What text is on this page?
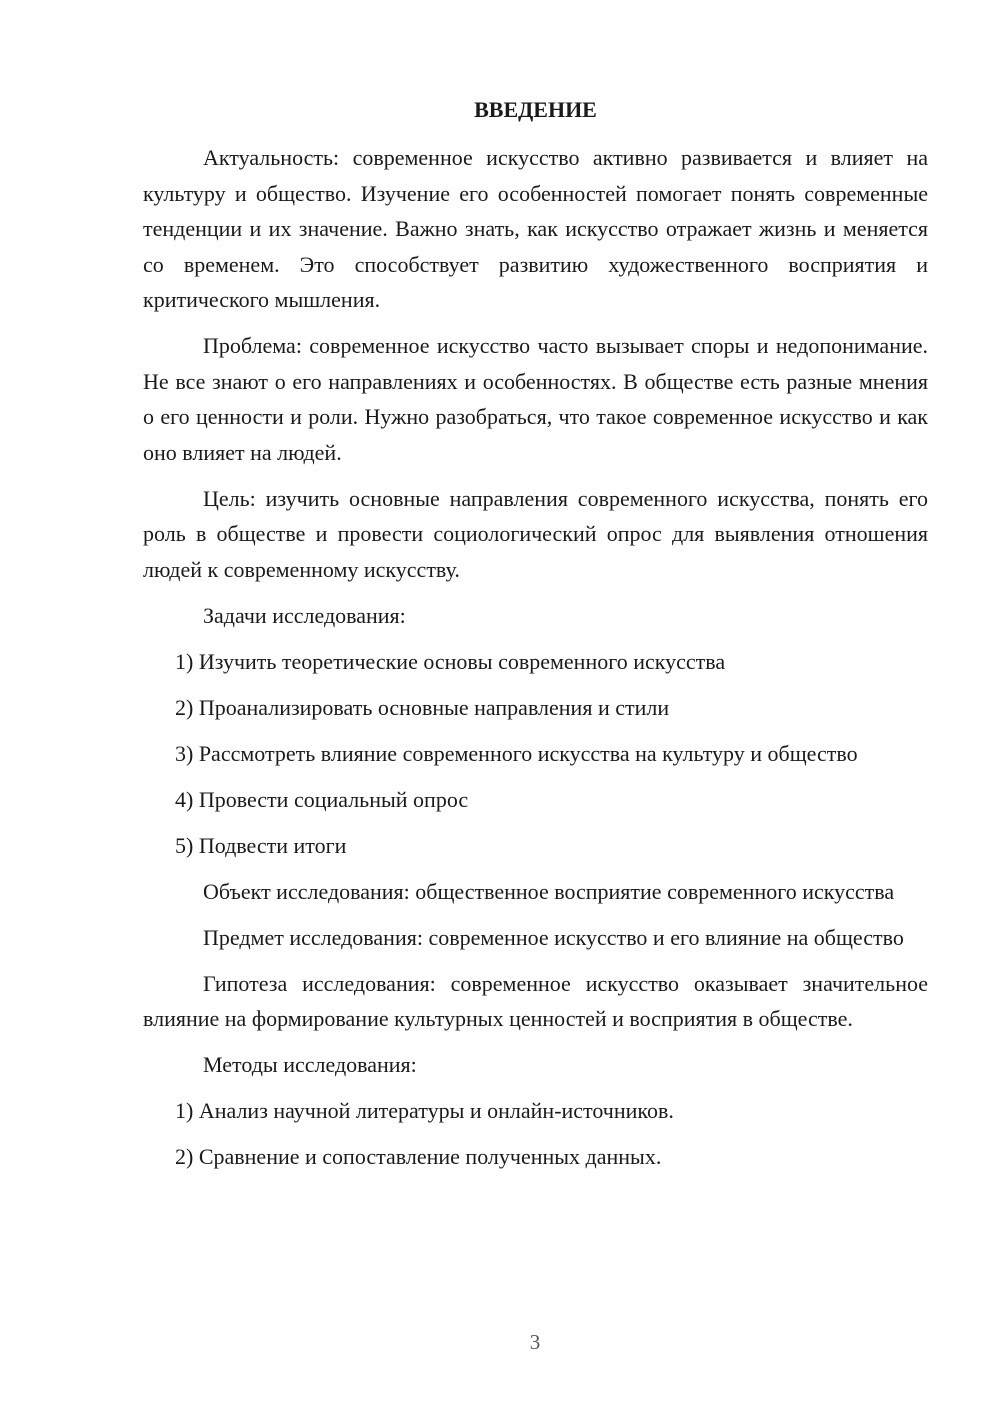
ВВЕДЕНИЕ

Актуальность: современное искусство активно развивается и влияет на культуру и общество. Изучение его особенностей помогает понять современные тенденции и их значение. Важно знать, как искусство отражает жизнь и меняется со временем. Это способствует развитию художественного восприятия и критического мышления.

Проблема: современное искусство часто вызывает споры и недопонимание. Не все знают о его направлениях и особенностях. В обществе есть разные мнения о его ценности и роли. Нужно разобраться, что такое современное искусство и как оно влияет на людей.

Цель: изучить основные направления современного искусства, понять его роль в обществе и провести социологический опрос для выявления отношения людей к современному искусству.

Задачи исследования:

1) Изучить теоретические основы современного искусства

2) Проанализировать основные направления и стили

3) Рассмотреть влияние современного искусства на культуру и общество

4) Провести социальный опрос

5) Подвести итоги

Объект исследования: общественное восприятие современного искусства

Предмет исследования: современное искусство и его влияние на общество

Гипотеза исследования: современное искусство оказывает значительное влияние на формирование культурных ценностей и восприятия в обществе.

Методы исследования:

1) Анализ научной литературы и онлайн-источников.

2) Сравнение и сопоставление полученных данных.

3
